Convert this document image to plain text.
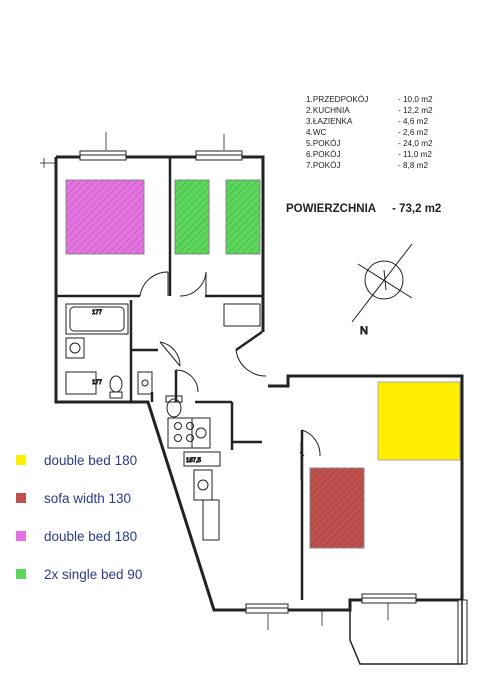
177
177
187,5
N
1.PRZEDPOKÓJ	- 10,0 m2
2.KUCHNIA	- 12,2 m2
3.ŁAZIENKA	- 4,6 m2
4.WC	- 2,6 m2
5.POKÓJ	- 24,0 m2
6.POKÓJ	- 11,0 m2
7.POKÓJ	- 8,8 m2
POWIERZCHNIA - 73,2 m2
double bed 180
sofa width 130
double bed 180
2x single bed 90
